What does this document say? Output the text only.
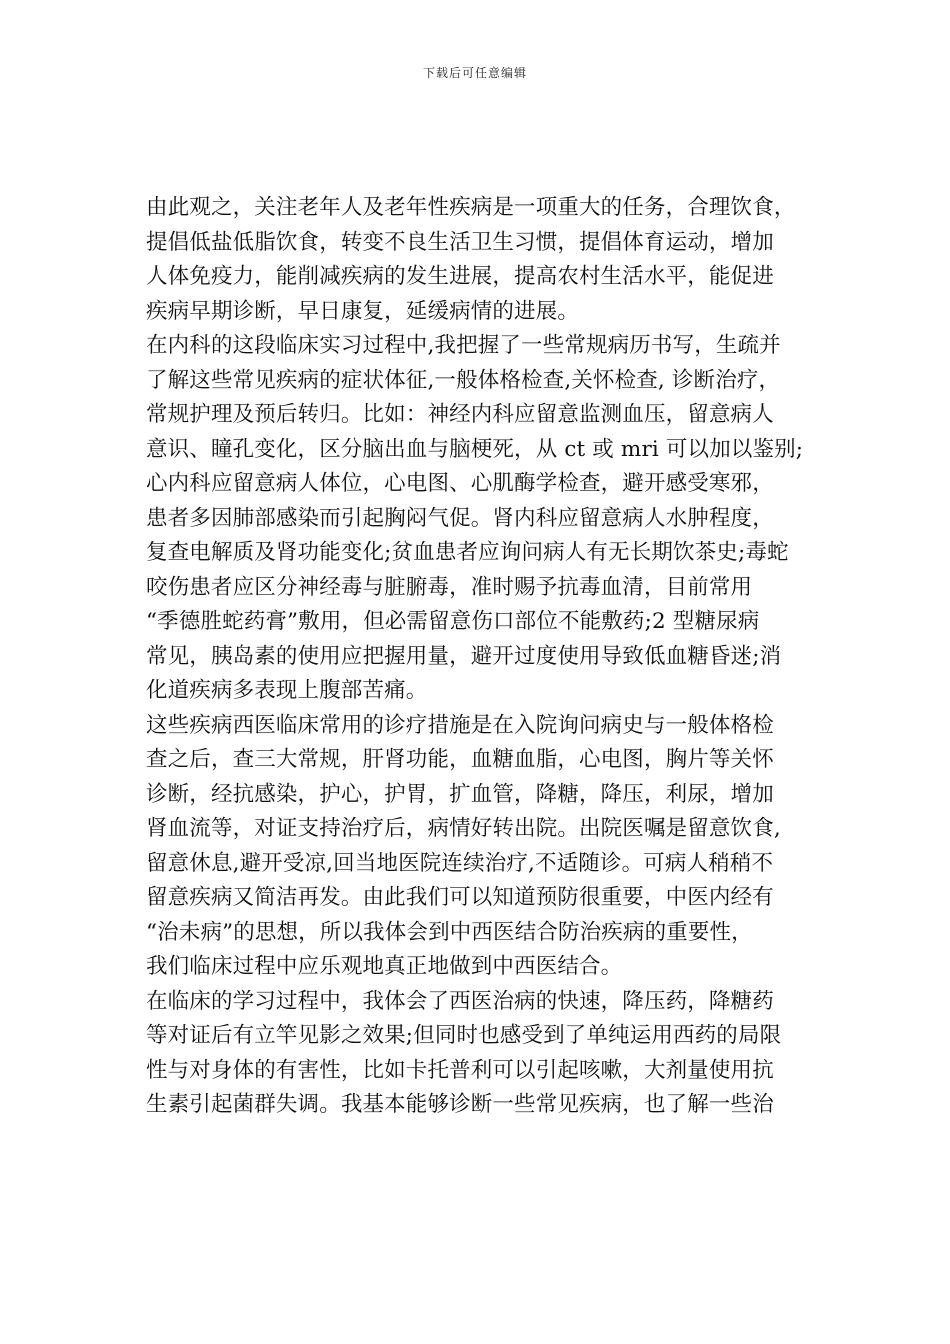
下载后可任意编辑
由此观之，关注老年人及老年性疾病是一项重大的任务，合理饮食，
提倡低盐低脂饮食，转变不良生活卫生习惯，提倡体育运动，增加
人体免疫力，能削减疾病的发生进展，提高农村生活水平，能促进
疾病早期诊断，早日康复，延缓病情的进展。
在内科的这段临床实习过程中,我把握了一些常规病历书写，生疏并
了解这些常见疾病的症状体征,一般体格检查,关怀检查, 诊断治疗，
常规护理及预后转归。比如：神经内科应留意监测血压，留意病人
意识、瞳孔变化，区分脑出血与脑梗死，从 ct 或 mri 可以加以鉴别;
心内科应留意病人体位，心电图、心肌酶学检查，避开感受寒邪，
患者多因肺部感染而引起胸闷气促。肾内科应留意病人水肿程度，
复查电解质及肾功能变化;贫血患者应询问病人有无长期饮茶史;毒蛇
咬伤患者应区分神经毒与脏腑毒，准时赐予抗毒血清，目前常用
“季德胜蛇药膏”敷用，但必需留意伤口部位不能敷药;2 型糖尿病
常见，胰岛素的使用应把握用量，避开过度使用导致低血糖昏迷;消
化道疾病多表现上腹部苦痛。
这些疾病西医临床常用的诊疗措施是在入院询问病史与一般体格检
查之后，查三大常规，肝肾功能，血糖血脂，心电图，胸片等关怀
诊断，经抗感染，护心，护胃，扩血管，降糖，降压，利尿，增加
肾血流等，对证支持治疗后，病情好转出院。出院医嘱是留意饮食,
留意休息,避开受凉,回当地医院连续治疗,不适随诊。可病人稍稍不
留意疾病又简洁再发。由此我们可以知道预防很重要，中医内经有
“治未病”的思想，所以我体会到中西医结合防治疾病的重要性，
我们临床过程中应乐观地真正地做到中西医结合。
在临床的学习过程中，我体会了西医治病的快速，降压药，降糖药
等对证后有立竿见影之效果;但同时也感受到了单纯运用西药的局限
性与对身体的有害性，比如卡托普利可以引起咳嗽，大剂量使用抗
生素引起菌群失调。我基本能够诊断一些常见疾病，也了解一些治
